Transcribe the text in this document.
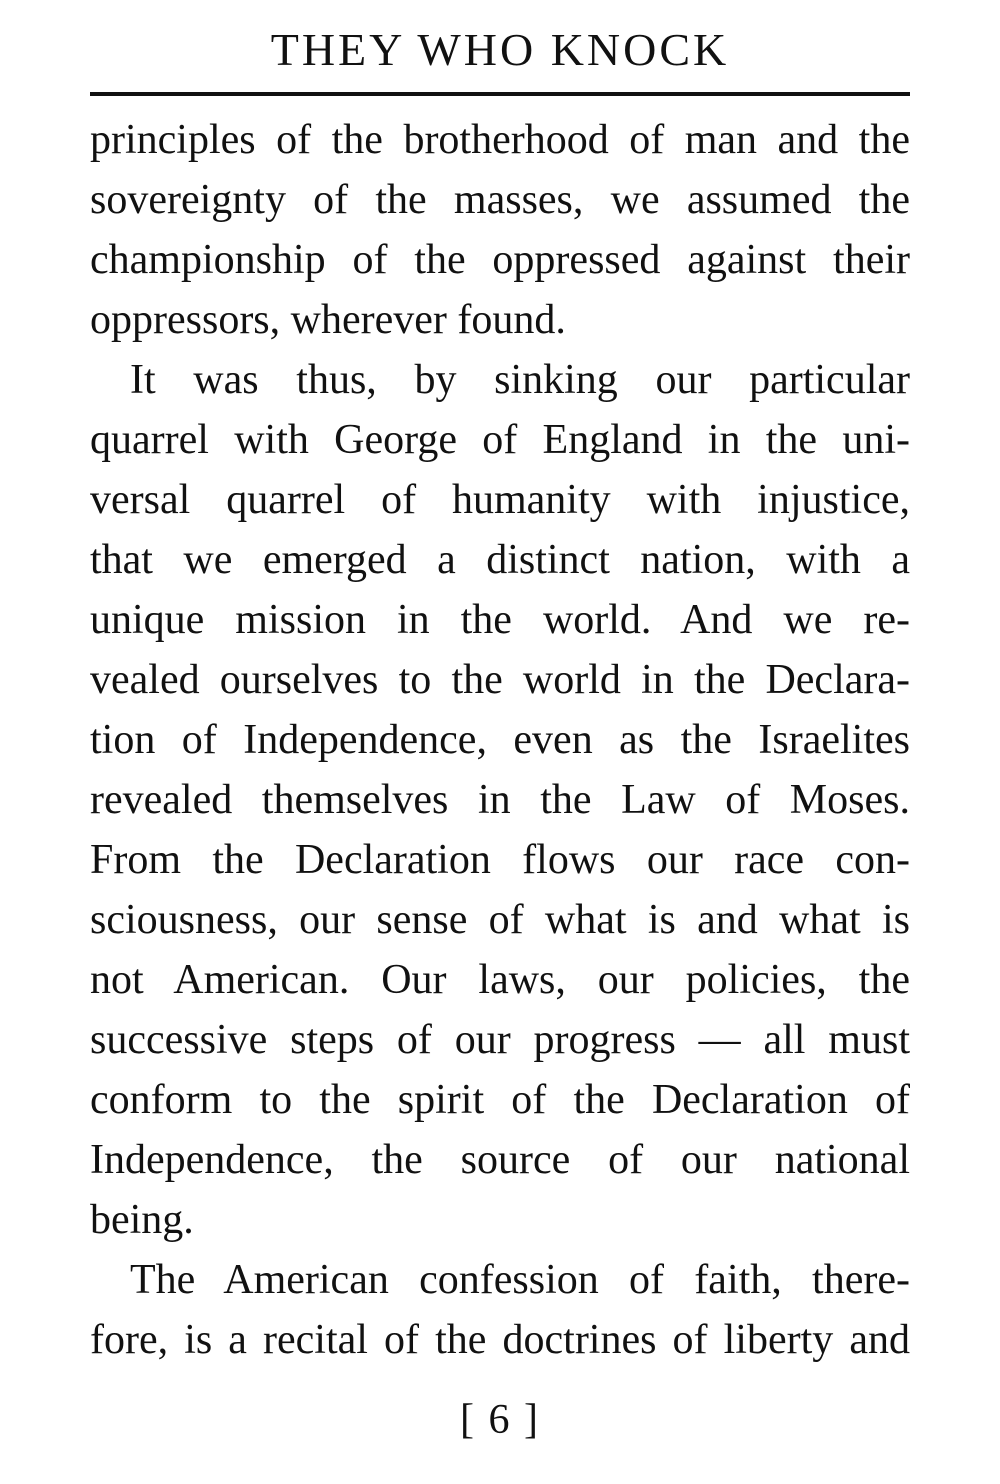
THEY WHO KNOCK
principles of the brotherhood of man and the
sovereignty of the masses, we assumed the
championship of the oppressed against their
oppressors, wherever found.
It was thus, by sinking our particular
quarrel with George of England in the uni-
versal quarrel of humanity with injustice,
that we emerged a distinct nation, with a
unique mission in the world. And we re-
vealed ourselves to the world in the Declara-
tion of Independence, even as the Israelites
revealed themselves in the Law of Moses.
From the Declaration flows our race con-
sciousness, our sense of what is and what is
not American. Our laws, our policies, the
successive steps of our progress — all must
conform to the spirit of the Declaration of
Independence, the source of our national
being.
The American confession of faith, there-
fore, is a recital of the doctrines of liberty and
[ 6 ]
